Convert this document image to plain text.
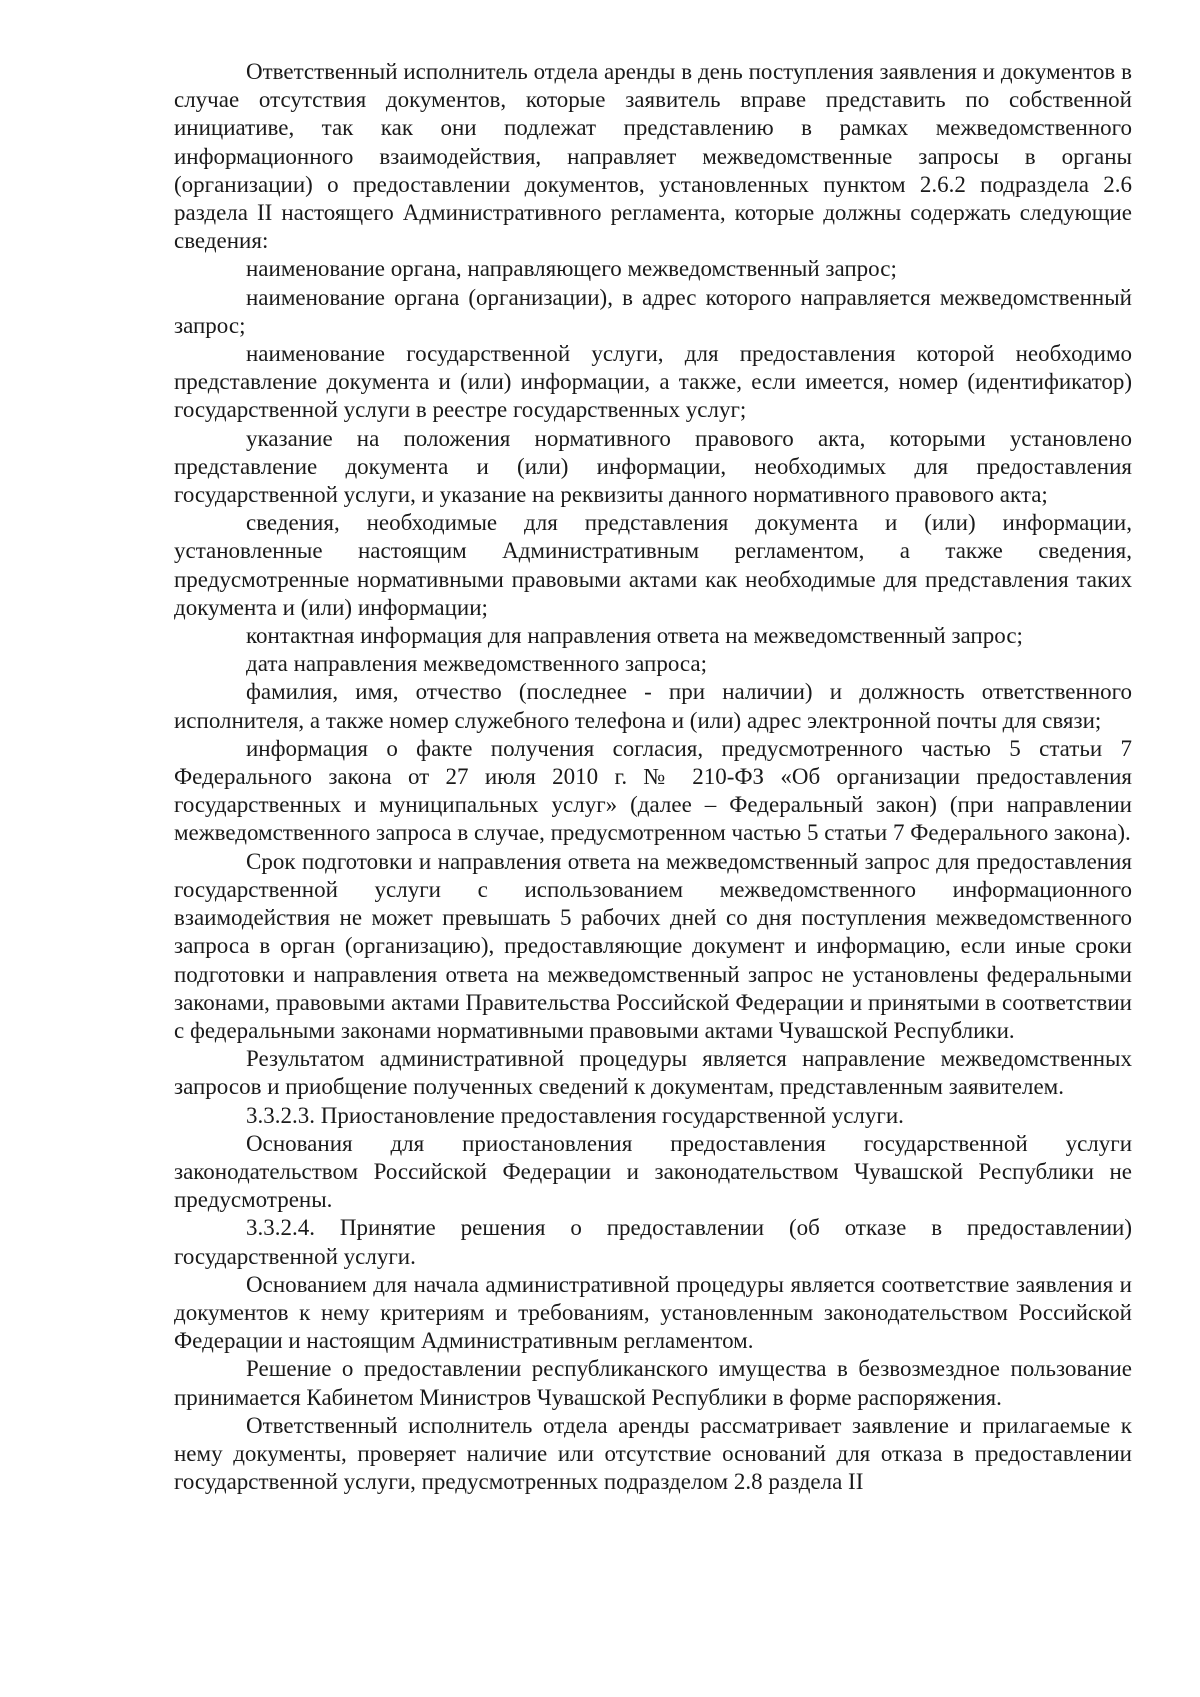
Ответственный исполнитель отдела аренды в день поступления заявления и документов в случае отсутствия документов, которые заявитель вправе представить по собственной инициативе, так как они подлежат представлению в рамках межведомственного информационного взаимодействия, направляет межведомственные запросы в органы (организации) о предоставлении документов, установленных пунктом 2.6.2 подраздела 2.6 раздела II настоящего Административного регламента, которые должны содержать следующие сведения:

наименование органа, направляющего межведомственный запрос;

наименование органа (организации), в адрес которого направляется межведомственный запрос;

наименование государственной услуги, для предоставления которой необходимо представление документа и (или) информации, а также, если имеется, номер (идентификатор) государственной услуги в реестре государственных услуг;

указание на положения нормативного правового акта, которыми установлено представление документа и (или) информации, необходимых для предоставления государственной услуги, и указание на реквизиты данного нормативного правового акта;

сведения, необходимые для представления документа и (или) информации, установленные настоящим Административным регламентом, а также сведения, предусмотренные нормативными правовыми актами как необходимые для представления таких документа и (или) информации;

контактная информация для направления ответа на межведомственный запрос;

дата направления межведомственного запроса;

фамилия, имя, отчество (последнее - при наличии) и должность ответственного исполнителя, а также номер служебного телефона и (или) адрес электронной почты для связи;

информация о факте получения согласия, предусмотренного частью 5 статьи 7 Федерального закона от 27 июля 2010 г. № 210-ФЗ «Об организации предоставления государственных и муниципальных услуг» (далее – Федеральный закон) (при направлении межведомственного запроса в случае, предусмотренном частью 5 статьи 7 Федерального закона).

Срок подготовки и направления ответа на межведомственный запрос для предоставления государственной услуги с использованием межведомственного информационного взаимодействия не может превышать 5 рабочих дней со дня поступления межведомственного запроса в орган (организацию), предоставляющие документ и информацию, если иные сроки подготовки и направления ответа на межведомственный запрос не установлены федеральными законами, правовыми актами Правительства Российской Федерации и принятыми в соответствии с федеральными законами нормативными правовыми актами Чувашской Республики.

Результатом административной процедуры является направление межведомственных запросов и приобщение полученных сведений к документам, представленным заявителем.

3.3.2.3. Приостановление предоставления государственной услуги.

Основания для приостановления предоставления государственной услуги законодательством Российской Федерации и законодательством Чувашской Республики не предусмотрены.

3.3.2.4. Принятие решения о предоставлении (об отказе в предоставлении) государственной услуги.

Основанием для начала административной процедуры является соответствие заявления и документов к нему критериям и требованиям, установленным законодательством Российской Федерации и настоящим Административным регламентом.

Решение о предоставлении республиканского имущества в безвозмездное пользование принимается Кабинетом Министров Чувашской Республики в форме распоряжения.

Ответственный исполнитель отдела аренды рассматривает заявление и прилагаемые к нему документы, проверяет наличие или отсутствие оснований для отказа в предоставлении государственной услуги, предусмотренных подразделом 2.8 раздела II
